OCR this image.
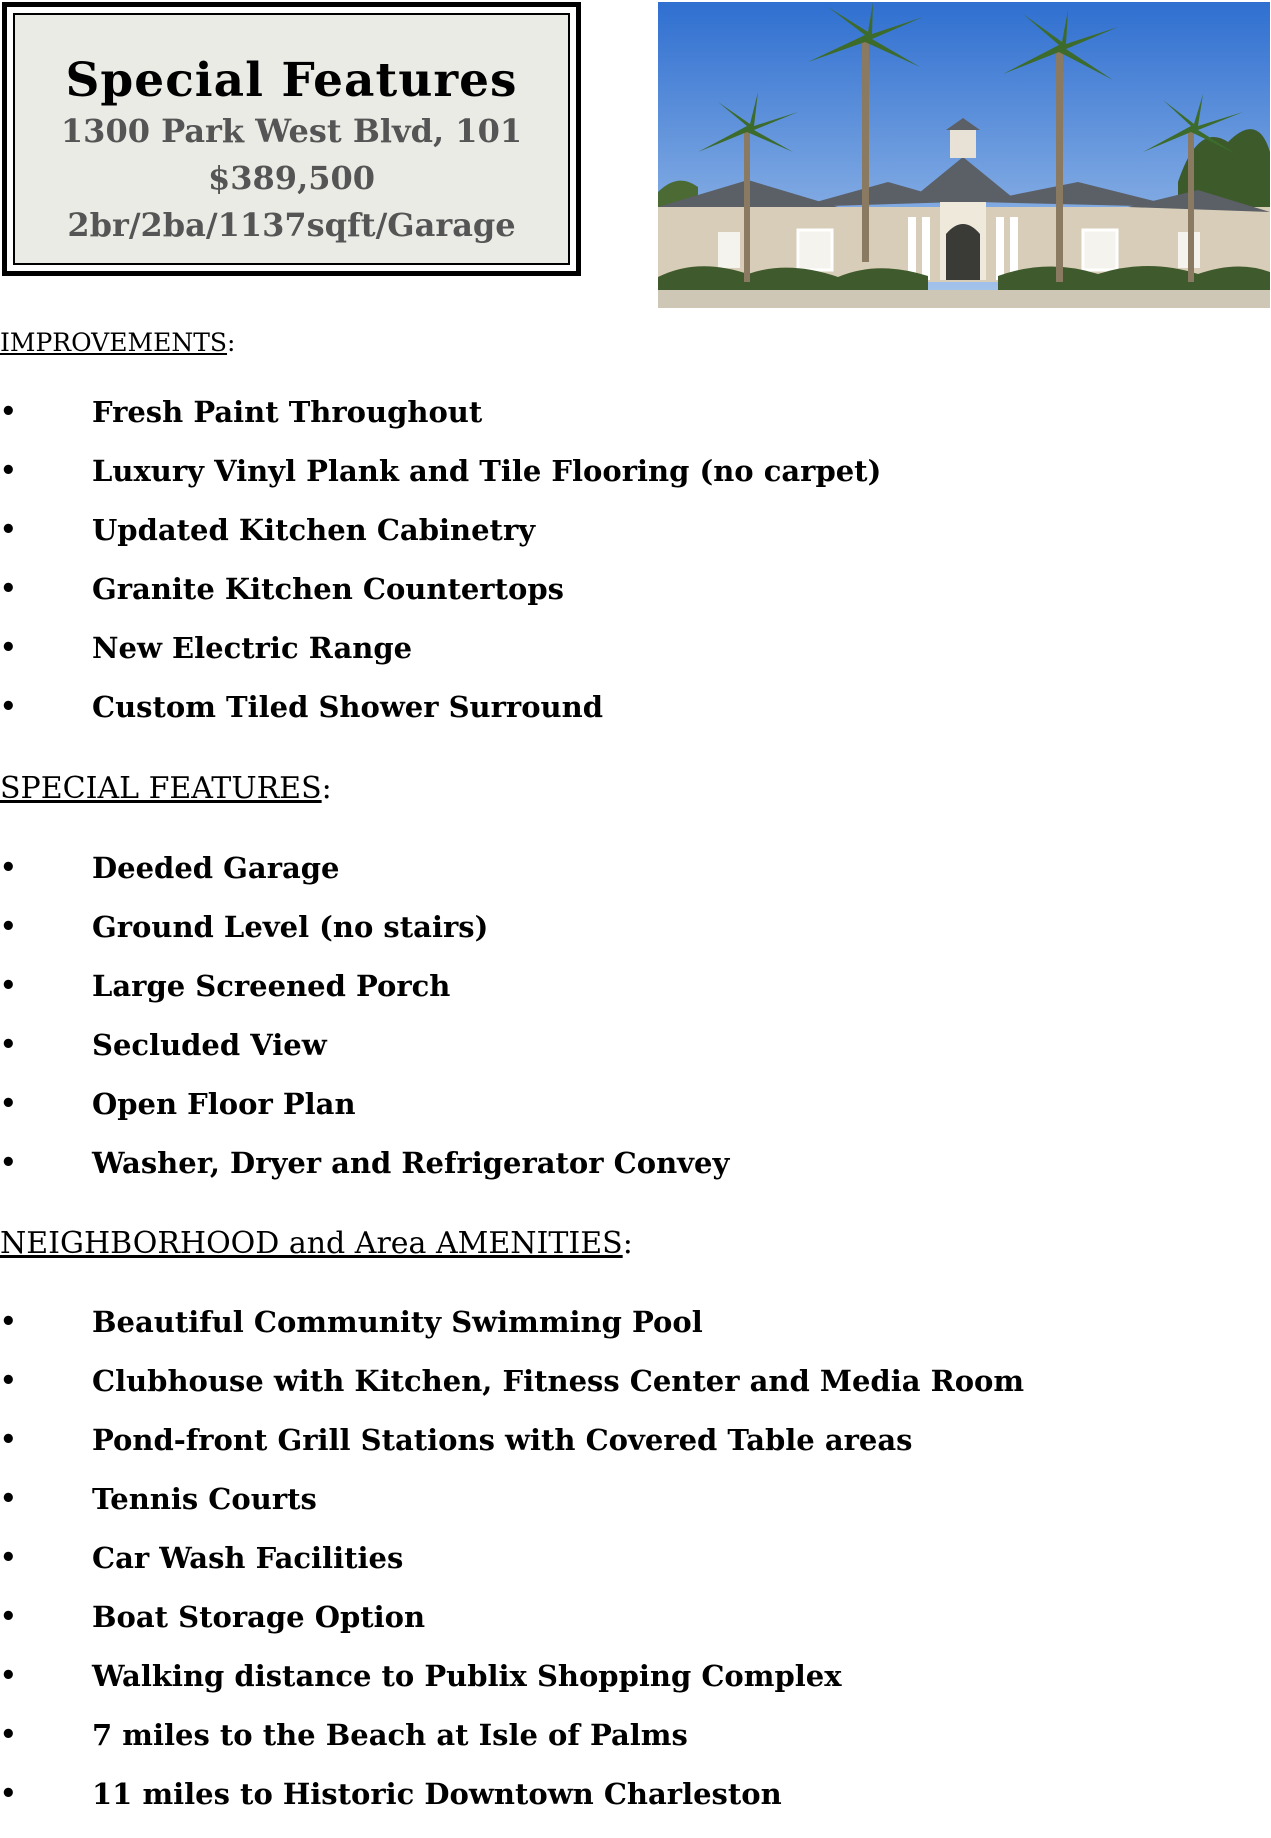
Special Features
1300 Park West Blvd, 101
$389,500
2br/2ba/1137sqft/Garage
IMPROVEMENTS:
•	Fresh Paint Throughout
•	Luxury Vinyl Plank and Tile Flooring (no carpet)
•	Updated Kitchen Cabinetry
•	Granite Kitchen Countertops
•	New Electric Range
•	Custom Tiled Shower Surround
SPECIAL FEATURES:
•	Deeded Garage
•	Ground Level (no stairs)
•	Large Screened Porch
•	Secluded View
•	Open Floor Plan
•	Washer, Dryer and Refrigerator Convey
NEIGHBORHOOD and Area AMENITIES:
•	Beautiful Community Swimming Pool
•	Clubhouse with Kitchen, Fitness Center and Media Room
•	Pond-front Grill Stations with Covered Table areas
•	Tennis Courts
•	Car Wash Facilities
•	Boat Storage Option
•	Walking distance to Publix Shopping Complex
•	7 miles to the Beach at Isle of Palms
•	11 miles to Historic Downtown Charleston
